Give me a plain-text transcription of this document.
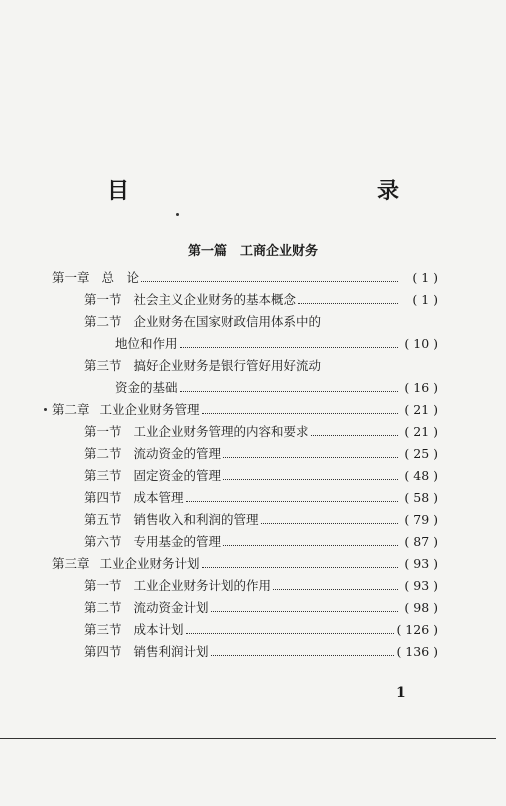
目　　录
第一篇　工商企业财务
第一章 总　论	( 1 )
第一节 社会主义企业财务的基本概念	( 1 )
第二节 企业财务在国家财政信用体系中的
地位和作用	( 10 )
第三节 搞好企业财务是银行管好用好流动
资金的基础	( 16 )
第二章 工业企业财务管理	( 21 )
第一节 工业企业财务管理的内容和要求	( 21 )
第二节 流动资金的管理	( 25 )
第三节 固定资金的管理	( 48 )
第四节 成本管理	( 58 )
第五节 销售收入和利润的管理	( 79 )
第六节 专用基金的管理	( 87 )
第三章 工业企业财务计划	( 93 )
第一节 工业企业财务计划的作用	( 93 )
第二节 流动资金计划	( 98 )
第三节 成本计划	( 126 )
第四节 销售利润计划	( 136 )
1
